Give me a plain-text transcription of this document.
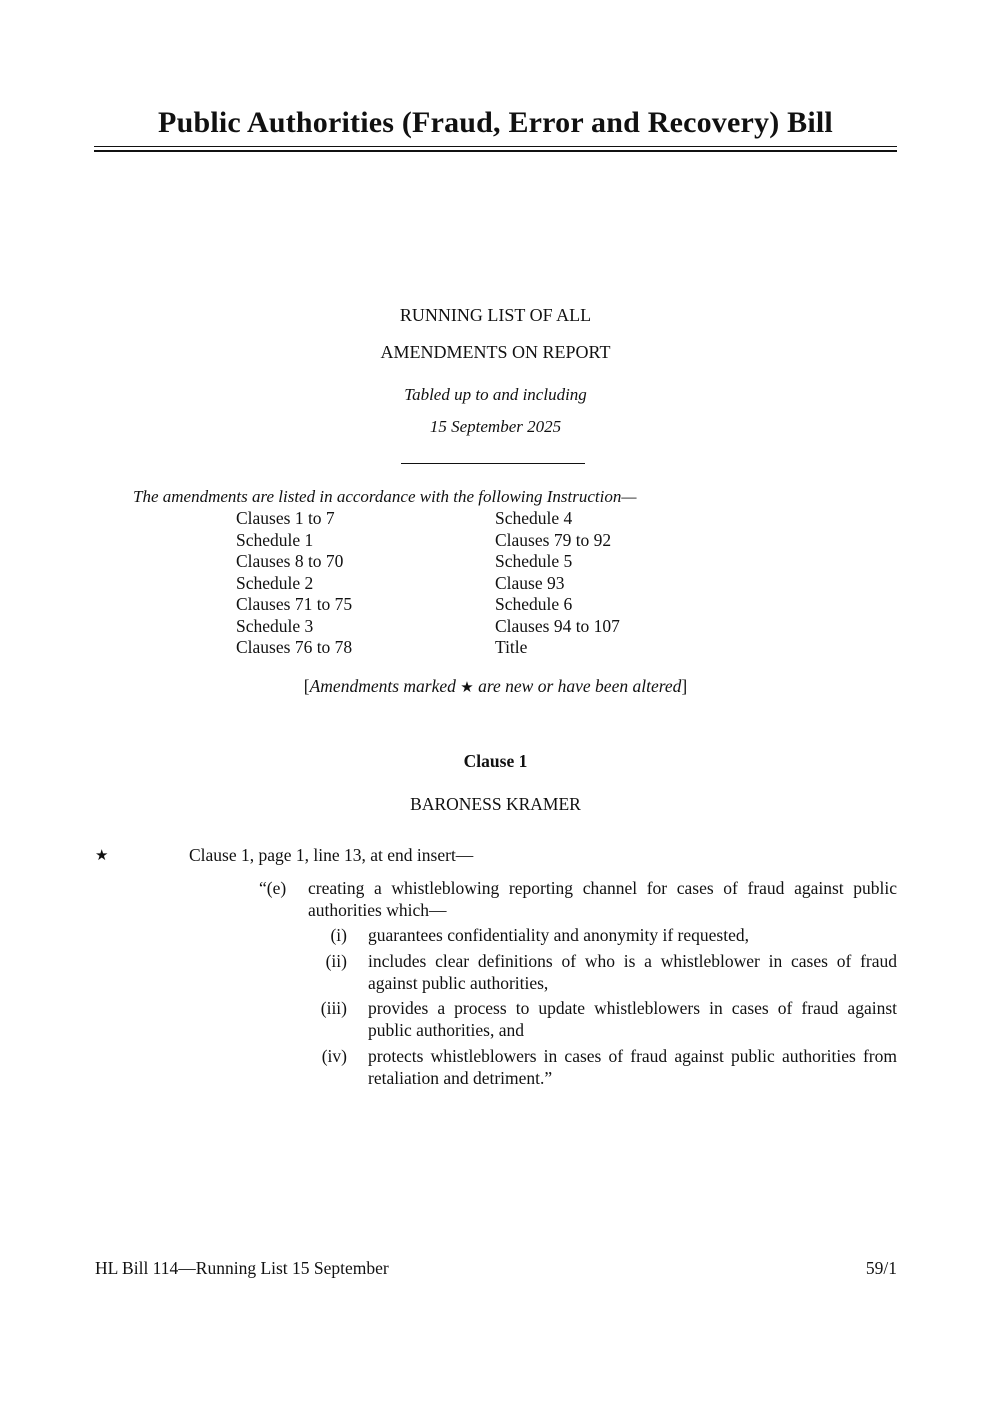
Public Authorities (Fraud, Error and Recovery) Bill
RUNNING LIST OF ALL
AMENDMENTS ON REPORT
Tabled up to and including
15 September 2025
The amendments are listed in accordance with the following Instruction—
Clauses 1 to 7
Schedule 1
Clauses 8 to 70
Schedule 2
Clauses 71 to 75
Schedule 3
Clauses 76 to 78
Schedule 4
Clauses 79 to 92
Schedule 5
Clause 93
Schedule 6
Clauses 94 to 107
Title
[Amendments marked ★ are new or have been altered]
Clause 1
BARONESS KRAMER
★	Clause 1, page 1, line 13, at end insert—
“(e) creating a whistleblowing reporting channel for cases of fraud against public authorities which—
(i) guarantees confidentiality and anonymity if requested,
(ii) includes clear definitions of who is a whistleblower in cases of fraud against public authorities,
(iii) provides a process to update whistleblowers in cases of fraud against public authorities, and
(iv) protects whistleblowers in cases of fraud against public authorities from retaliation and detriment.”
HL Bill 114—Running List 15 September	59/1
